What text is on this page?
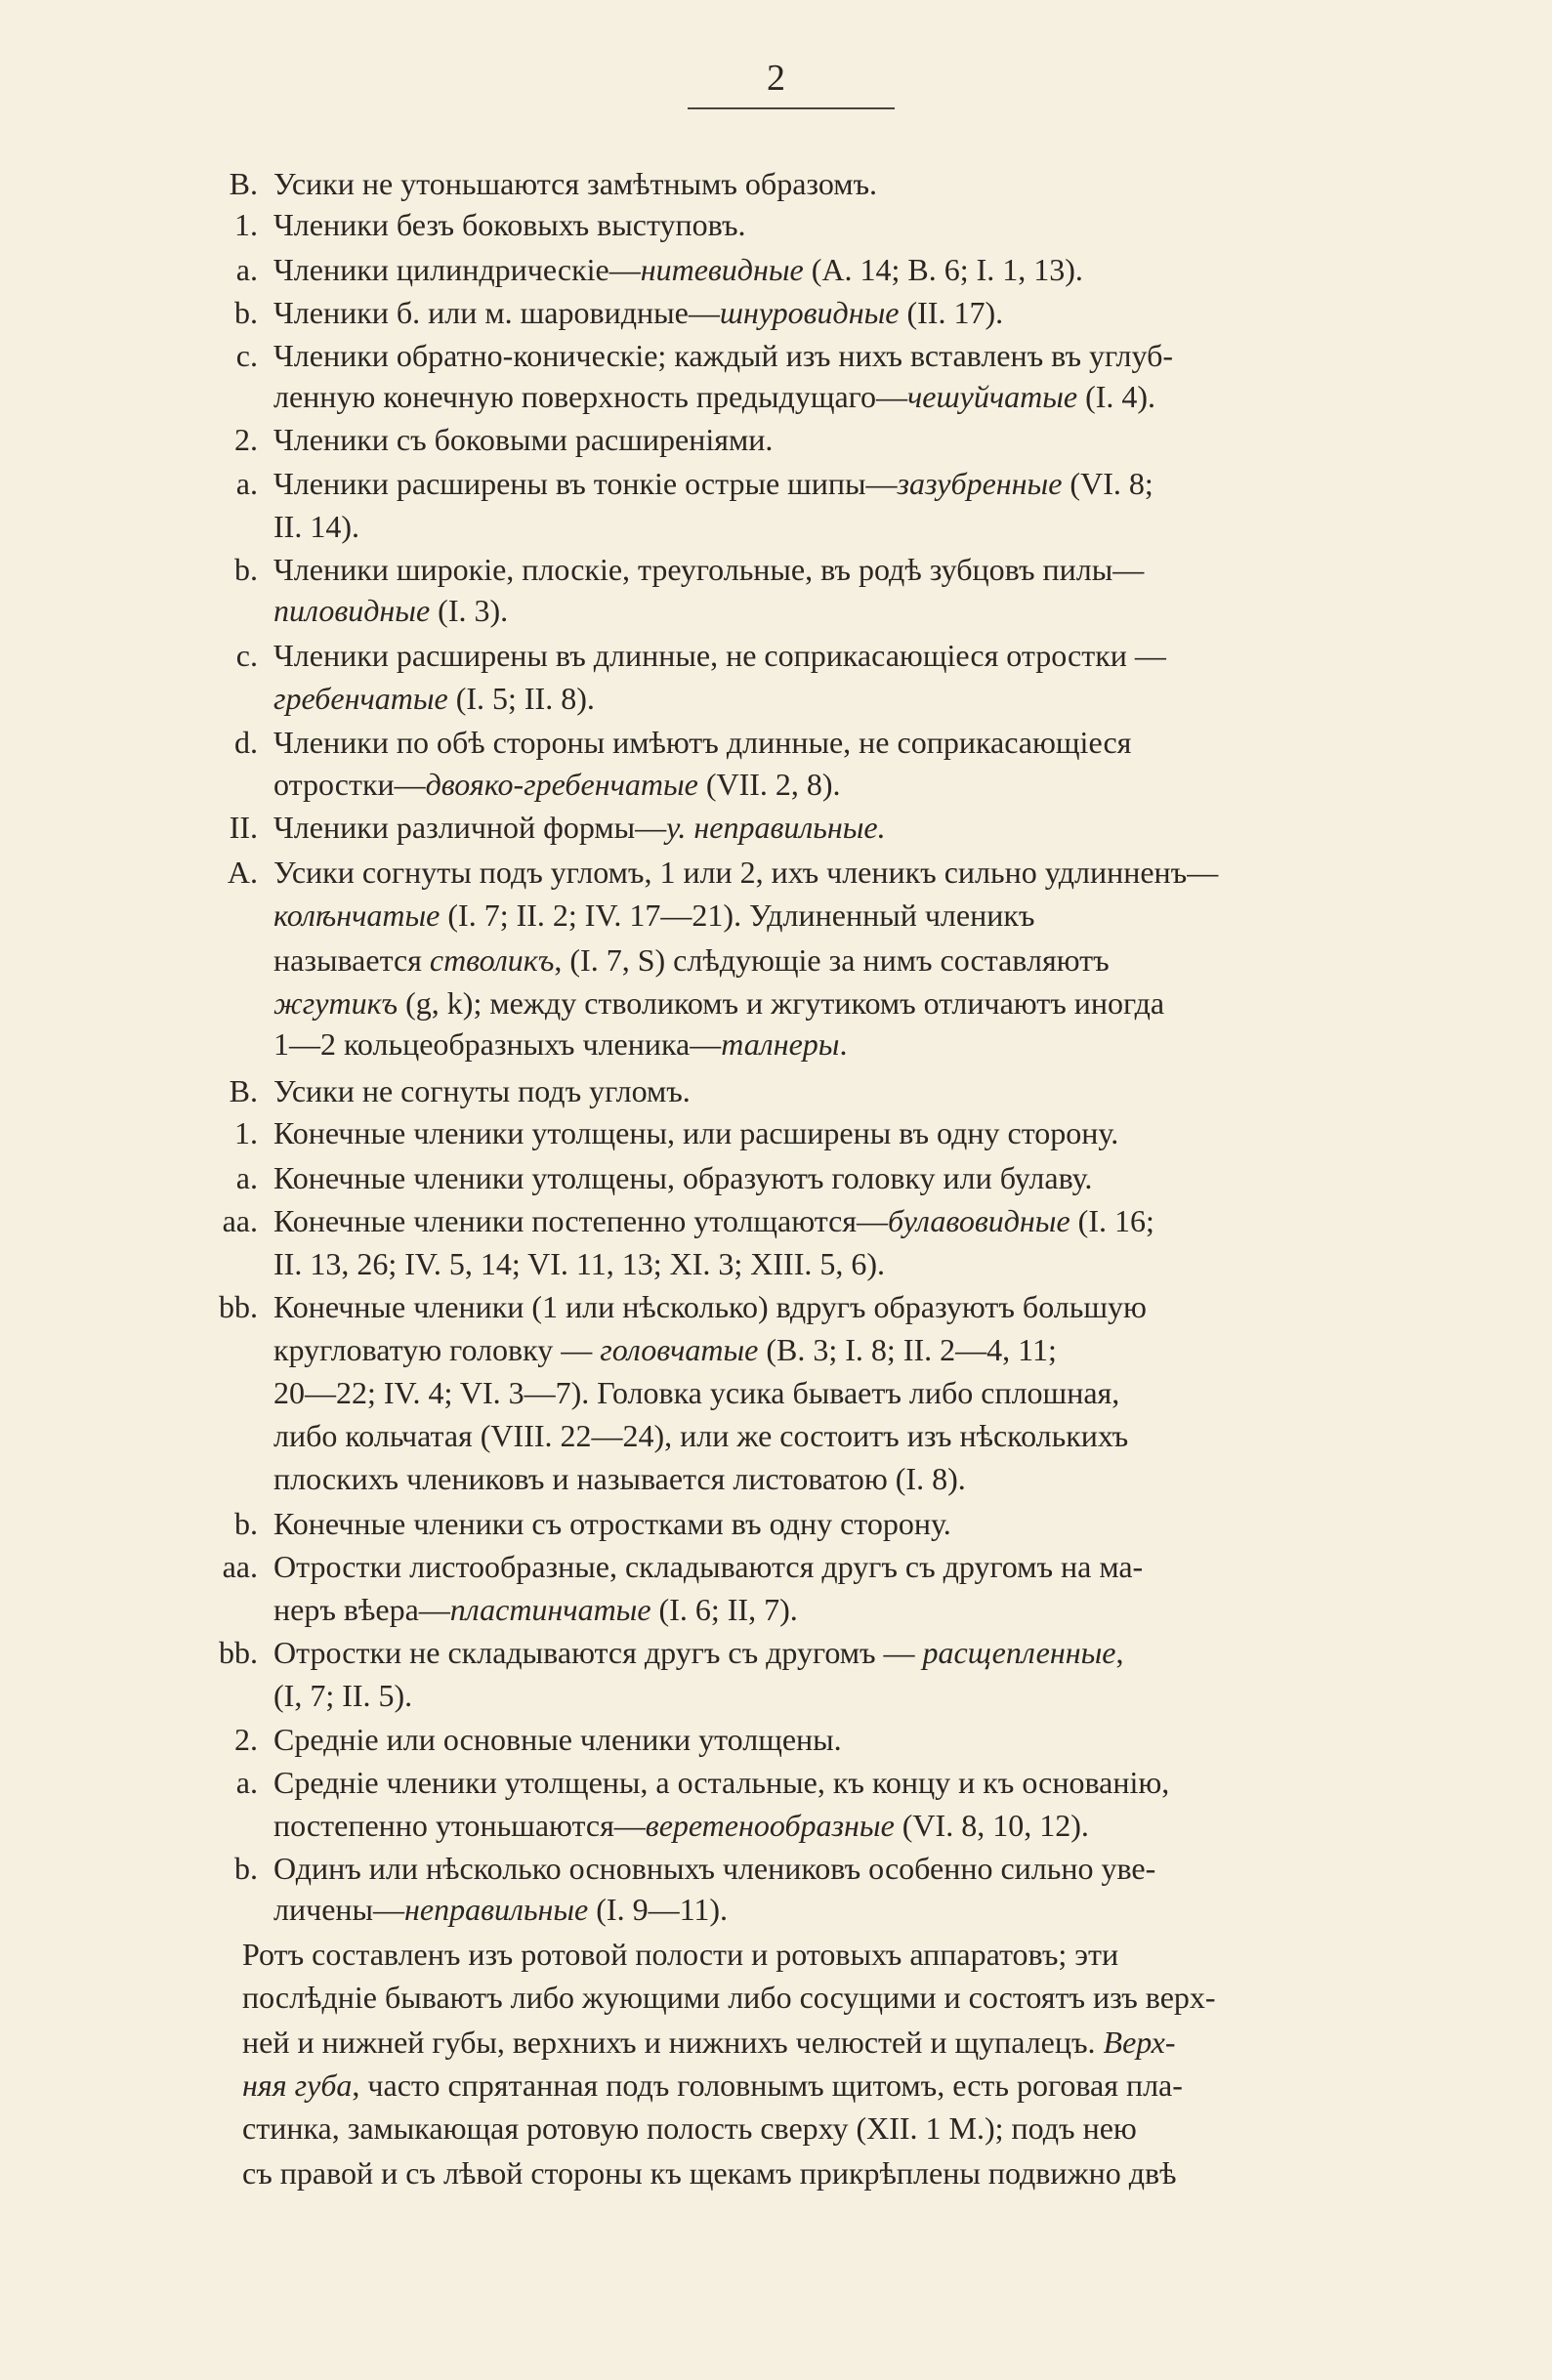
2
B. Усики не утоньшаются замѣтнымъ образомъ.
1. Членики безъ боковыхъ выступовъ.
a. Членики цилиндрическіе—нитевидные (A. 14; B. 6; I. 1, 13).
b. Членики б. или м. шаровидные—шнуровидные (II. 17).
c. Членики обратно-коническіе; каждый изъ нихъ вставленъ въ углуб-
ленную конечную поверхность предыдущаго—чешуйчатые (I. 4).
2. Членики съ боковыми расширеніями.
a. Членики расширены въ тонкіе острые шипы—зазубренные (VI. 8;
II. 14).
b. Членики широкіе, плоскіе, треугольные, въ родѣ зубцовъ пилы—
пиловидные (I. 3).
c. Членики расширены въ длинные, не соприкасающіеся отростки —
гребенчатые (I. 5; II. 8).
d. Членики по обѣ стороны имѣютъ длинные, не соприкасающіеся
отростки—двояко-гребенчатые (VII. 2, 8).
II. Членики различной формы—у. неправильные.
A. Усики согнуты подъ угломъ, 1 или 2, ихъ членикъ сильно удлинненъ—
колѣнчатые (I. 7; II. 2; IV. 17—21). Удлиненный членикъ
называется стволикъ, (I. 7, S) слѣдующіе за нимъ составляютъ
жгутикъ (g, k); между стволикомъ и жгутикомъ отличаютъ иногда
1—2 кольцеобразныхъ членика—талнеры.
B. Усики не согнуты подъ угломъ.
1. Конечные членики утолщены, или расширены въ одну сторону.
a. Конечные членики утолщены, образуютъ головку или булаву.
aa. Конечные членики постепенно утолщаются—булавовидные (I. 16;
II. 13, 26; IV. 5, 14; VI. 11, 13; XI. 3; XIII. 5, 6).
bb. Конечные членики (1 или нѣсколько) вдругъ образуютъ большую
кругловатую головку — головчатые (B. 3; I. 8; II. 2—4, 11;
20—22; IV. 4; VI. 3—7). Головка усика бываетъ либо сплошная,
либо кольчатая (VIII. 22—24), или же состоитъ изъ нѣсколькихъ
плоскихъ члениковъ и называется листоватою (I. 8).
b. Конечные членики съ отростками въ одну сторону.
aa. Отростки листообразные, складываются другъ съ другомъ на ма-
неръ вѣера—пластинчатые (I. 6; II, 7).
bb. Отростки не складываются другъ съ другомъ — расщепленные,
(I, 7; II. 5).
2. Средніе или основные членики утолщены.
a. Средніе членики утолщены, а остальные, къ концу и къ основанію,
постепенно утоньшаются—веретенообразные (VI. 8, 10, 12).
b. Одинъ или нѣсколько основныхъ члениковъ особенно сильно уве-
личены—неправильные (I. 9—11).
Ротъ составленъ изъ ротовой полости и ротовыхъ аппаратовъ; эти
послѣдніе бываютъ либо жующими либо сосущими и состоятъ изъ верх-
ней и нижней губы, верхнихъ и нижнихъ челюстей и щупалецъ. Верх-
няя губа, часто спрятанная подъ головнымъ щитомъ, есть роговая пла-
стинка, замыкающая ротовую полость сверху (XII. 1 M.); подъ нею
съ правой и съ лѣвой стороны къ щекамъ прикрѣплены подвижно двѣ
